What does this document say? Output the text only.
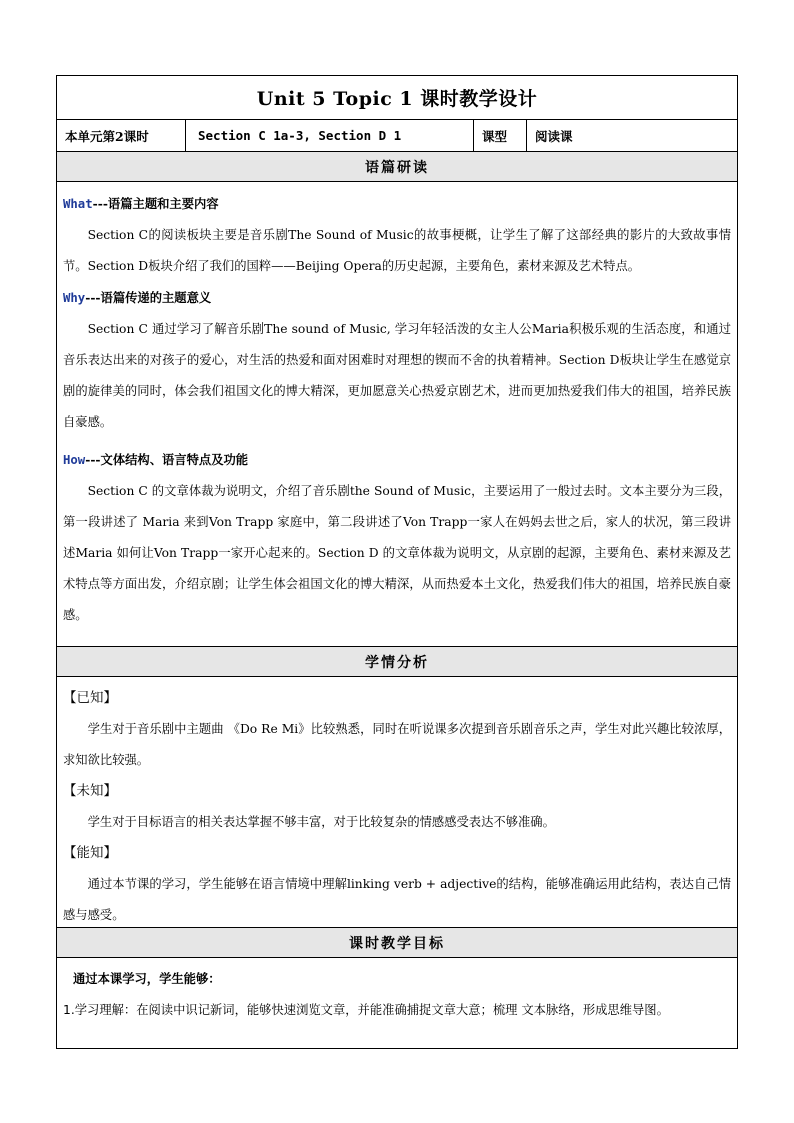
Unit 5 Topic 1 课时教学设计
本单元第2课时	Section C 1a-3, Section D 1	课型	阅读课
语篇研读

What---语篇主题和主要内容

Section C的阅读板块主要是音乐剧The Sound of Music的故事梗概，让学生了解了这部经典的影片的大致故事情节。Section D板块介绍了我们的国粹——Beijing Opera的历史起源，主要角色，素材来源及艺术特点。

Why---语篇传递的主题意义

Section C 通过学习了解音乐剧The sound of Music, 学习年轻活泼的女主人公Maria积极乐观的生活态度，和通过音乐表达出来的对孩子的爱心，对生活的热爱和面对困难时对理想的锲而不舍的执着精神。Section D板块让学生在感觉京剧的旋律美的同时，体会我们祖国文化的博大精深，更加愿意关心热爱京剧艺术，进而更加热爱我们伟大的祖国，培养民族自豪感。

How---文体结构、语言特点及功能

Section C 的文章体裁为说明文，介绍了音乐剧the Sound of Music，主要运用了一般过去时。文本主要分为三段，第一段讲述了 Maria 来到Von Trapp 家庭中，第二段讲述了Von Trapp一家人在妈妈去世之后，家人的状况，第三段讲述Maria 如何让Von Trapp一家开心起来的。Section D 的文章体裁为说明文，从京剧的起源，主要角色、素材来源及艺术特点等方面出发，介绍京剧；让学生体会祖国文化的博大精深，从而热爱本土文化，热爱我们伟大的祖国，培养民族自豪感。

学情分析

【已知】

学生对于音乐剧中主题曲 《Do Re Mi》比较熟悉，同时在听说课多次提到音乐剧音乐之声，学生对此兴趣比较浓厚，求知欲比较强。

【未知】

学生对于目标语言的相关表达掌握不够丰富，对于比较复杂的情感感受表达不够准确。

【能知】

通过本节课的学习，学生能够在语言情境中理解linking verb + adjective的结构，能够准确运用此结构，表达自己情感与感受。

课时教学目标

通过本课学习，学生能够：

1.学习理解：在阅读中识记新词，能够快速浏览文章，并能准确捕捉文章大意；梳理 文本脉络，形成思维导图。
